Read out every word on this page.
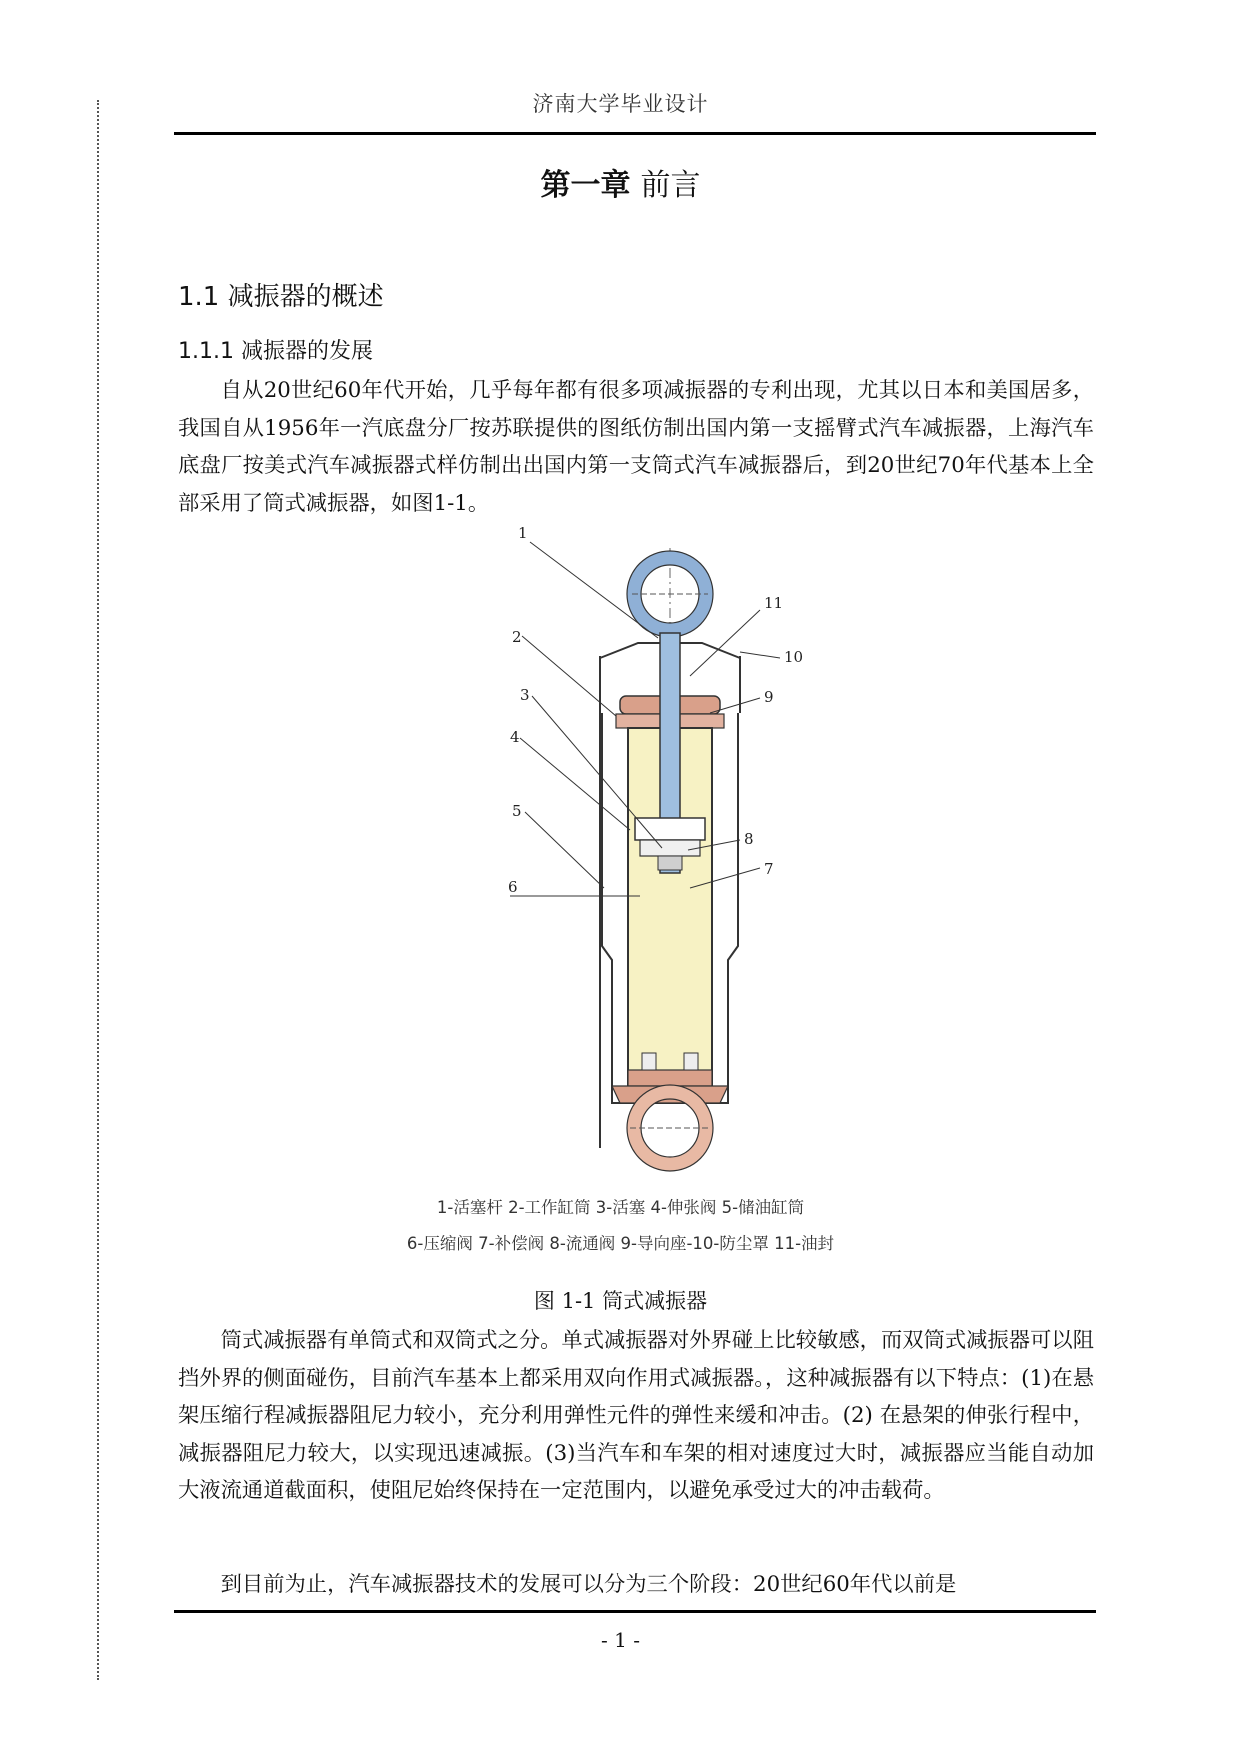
济南大学毕业设计
第一章 前言
1.1 减振器的概述
1.1.1 减振器的发展

自从20世纪60年代开始，几乎每年都有很多项减振器的专利出现，尤其以日本和美国居多，我国自从1956年一汽底盘分厂按苏联提供的图纸仿制出国内第一支摇臂式汽车减振器，上海汽车底盘厂按美式汽车减振器式样仿制出出国内第一支筒式汽车减振器后，到20世纪70年代基本上全部采用了筒式减振器，如图1-1。

1
2
3
4
5
6
7
8
9
10
11
1-活塞杆 2-工作缸筒 3-活塞 4-伸张阀 5-储油缸筒
6-压缩阀 7-补偿阀 8-流通阀 9-导向座-10-防尘罩 11-油封
图 1-1 筒式减振器

筒式减振器有单筒式和双筒式之分。单式减振器对外界碰上比较敏感，而双筒式减振器可以阻挡外界的侧面碰伤，目前汽车基本上都采用双向作用式减振器。，这种减振器有以下特点：(1)在悬架压缩行程减振器阻尼力较小，充分利用弹性元件的弹性来缓和冲击。(2) 在悬架的伸张行程中，减振器阻尼力较大，以实现迅速减振。(3)当汽车和车架的相对速度过大时，减振器应当能自动加大液流通道截面积，使阻尼始终保持在一定范围内，以避免承受过大的冲击载荷。

到目前为止，汽车减振器技术的发展可以分为三个阶段：20世纪60年代以前是

- 1 -
